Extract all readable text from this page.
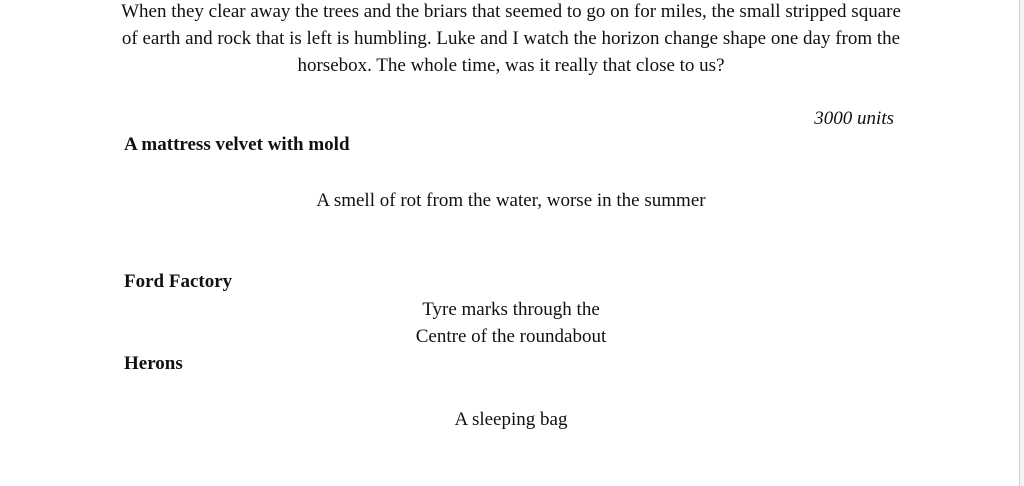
When they clear away the trees and the briars that seemed to go on for miles, the small stripped square of earth and rock that is left is humbling. Luke and I watch the horizon change shape one day from the horsebox. The whole time, was it really that close to us?

3000 units

A mattress velvet with mold

A smell of rot from the water, worse in the summer

Ford Factory

Tyre marks through the
Centre of the roundabout

Herons

A sleeping bag
